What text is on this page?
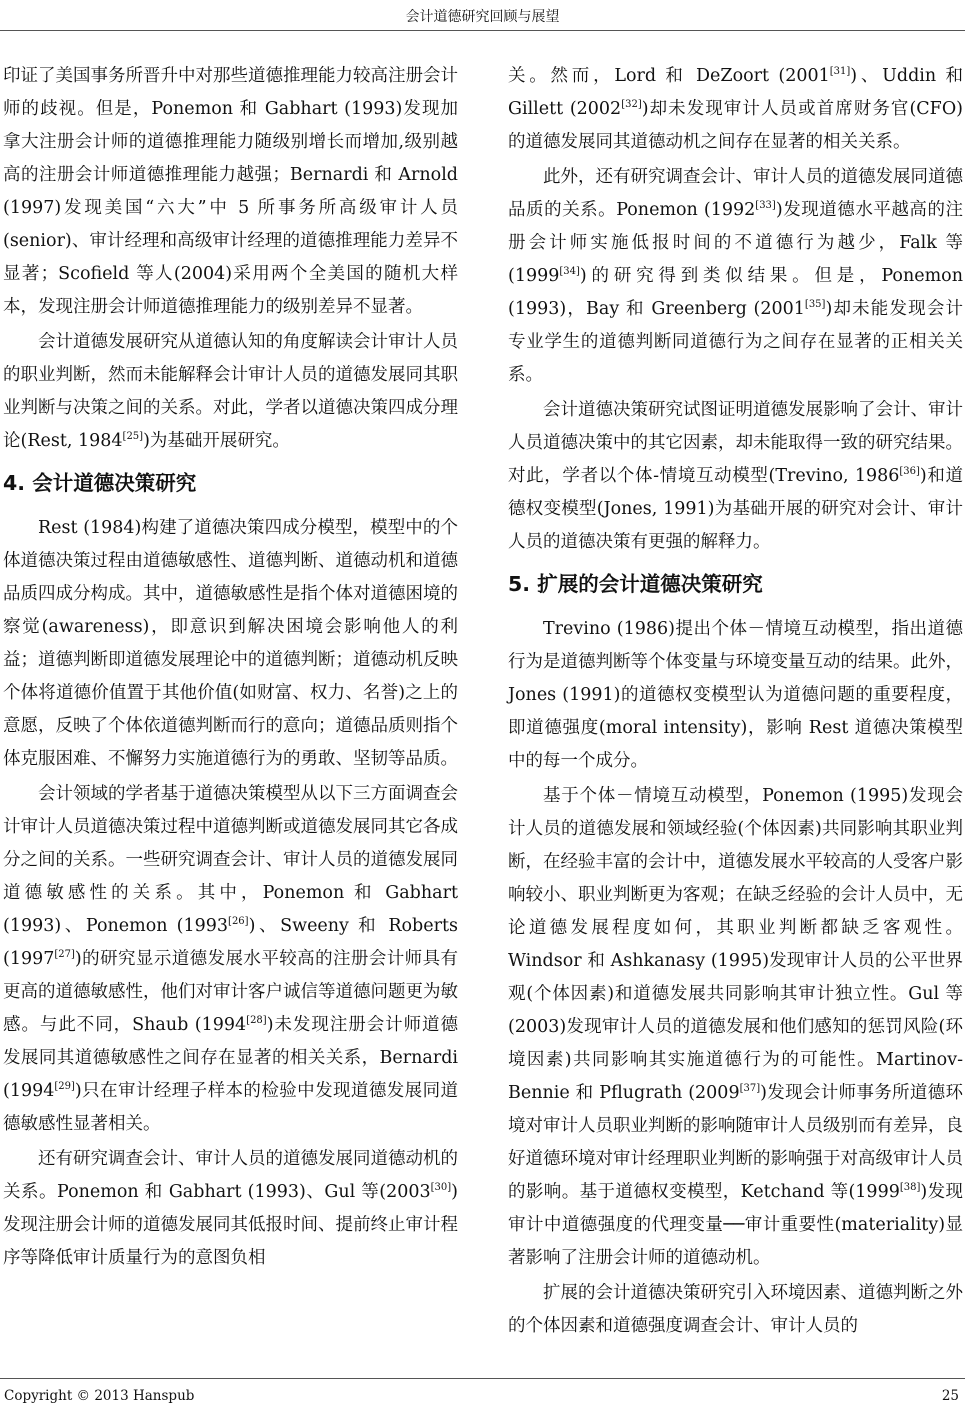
会计道德研究回顾与展望

印证了美国事务所晋升中对那些道德推理能力较高注册会计师的歧视。但是，Ponemon 和 Gabhart (1993)发现加拿大注册会计师的道德推理能力随级别增长而增加,级别越高的注册会计师道德推理能力越强；Bernardi 和 Arnold (1997)发现美国“六大”中 5 所事务所高级审计人员(senior)、审计经理和高级审计经理的道德推理能力差异不显著；Scofield 等人(2004)采用两个全美国的随机大样本，发现注册会计师道德推理能力的级别差异不显著。

会计道德发展研究从道德认知的角度解读会计审计人员的职业判断，然而未能解释会计审计人员的道德发展同其职业判断与决策之间的关系。对此，学者以道德决策四成分理论(Rest, 1984[25])为基础开展研究。

4. 会计道德决策研究

Rest (1984)构建了道德决策四成分模型，模型中的个体道德决策过程由道德敏感性、道德判断、道德动机和道德品质四成分构成。其中，道德敏感性是指个体对道德困境的察觉(awareness)，即意识到解决困境会影响他人的利益；道德判断即道德发展理论中的道德判断；道德动机反映个体将道德价值置于其他价值(如财富、权力、名誉)之上的意愿，反映了个体依道德判断而行的意向；道德品质则指个体克服困难、不懈努力实施道德行为的勇敢、坚韧等品质。

会计领域的学者基于道德决策模型从以下三方面调查会计审计人员道德决策过程中道德判断或道德发展同其它各成分之间的关系。一些研究调查会计、审计人员的道德发展同道德敏感性的关系。其中，Ponemon 和 Gabhart (1993)、Ponemon (1993[26])、Sweeny 和 Roberts (1997[27])的研究显示道德发展水平较高的注册会计师具有更高的道德敏感性，他们对审计客户诚信等道德问题更为敏感。与此不同，Shaub (1994[28])未发现注册会计师道德发展同其道德敏感性之间存在显著的相关关系，Bernardi (1994[29])只在审计经理子样本的检验中发现道德发展同道德敏感性显著相关。

还有研究调查会计、审计人员的道德发展同道德动机的关系。Ponemon 和 Gabhart (1993)、Gul 等(2003[30])发现注册会计师的道德发展同其低报时间、提前终止审计程序等降低审计质量行为的意图负相

关。然而，Lord 和 DeZoort (2001[31])、Uddin 和 Gillett (2002[32])却未发现审计人员或首席财务官(CFO)的道德发展同其道德动机之间存在显著的相关关系。

此外，还有研究调查会计、审计人员的道德发展同道德品质的关系。Ponemon (1992[33])发现道德水平越高的注册会计师实施低报时间的不道德行为越少，Falk 等(1999[34])的研究得到类似结果。但是，Ponemon (1993)，Bay 和 Greenberg (2001[35])却未能发现会计专业学生的道德判断同道德行为之间存在显著的正相关关系。

会计道德决策研究试图证明道德发展影响了会计、审计人员道德决策中的其它因素，却未能取得一致的研究结果。对此，学者以个体-情境互动模型(Trevino, 1986[36])和道德权变模型(Jones, 1991)为基础开展的研究对会计、审计人员的道德决策有更强的解释力。

5. 扩展的会计道德决策研究

Trevino (1986)提出个体－情境互动模型，指出道德行为是道德判断等个体变量与环境变量互动的结果。此外，Jones (1991)的道德权变模型认为道德问题的重要程度，即道德强度(moral intensity)，影响 Rest 道德决策模型中的每一个成分。

基于个体－情境互动模型，Ponemon (1995)发现会计人员的道德发展和领域经验(个体因素)共同影响其职业判断，在经验丰富的会计中，道德发展水平较高的人受客户影响较小、职业判断更为客观；在缺乏经验的会计人员中，无论道德发展程度如何，其职业判断都缺乏客观性。Windsor 和 Ashkanasy (1995)发现审计人员的公平世界观(个体因素)和道德发展共同影响其审计独立性。Gul 等(2003)发现审计人员的道德发展和他们感知的惩罚风险(环境因素)共同影响其实施道德行为的可能性。Martinov-Bennie 和 Pflugrath (2009[37])发现会计师事务所道德环境对审计人员职业判断的影响随审计人员级别而有差异，良好道德环境对审计经理职业判断的影响强于对高级审计人员的影响。基于道德权变模型，Ketchand 等(1999[38])发现审计中道德强度的代理变量──审计重要性(materiality)显著影响了注册会计师的道德动机。

扩展的会计道德决策研究引入环境因素、道德判断之外的个体因素和道德强度调查会计、审计人员的

Copyright © 2013 Hanspub	25
